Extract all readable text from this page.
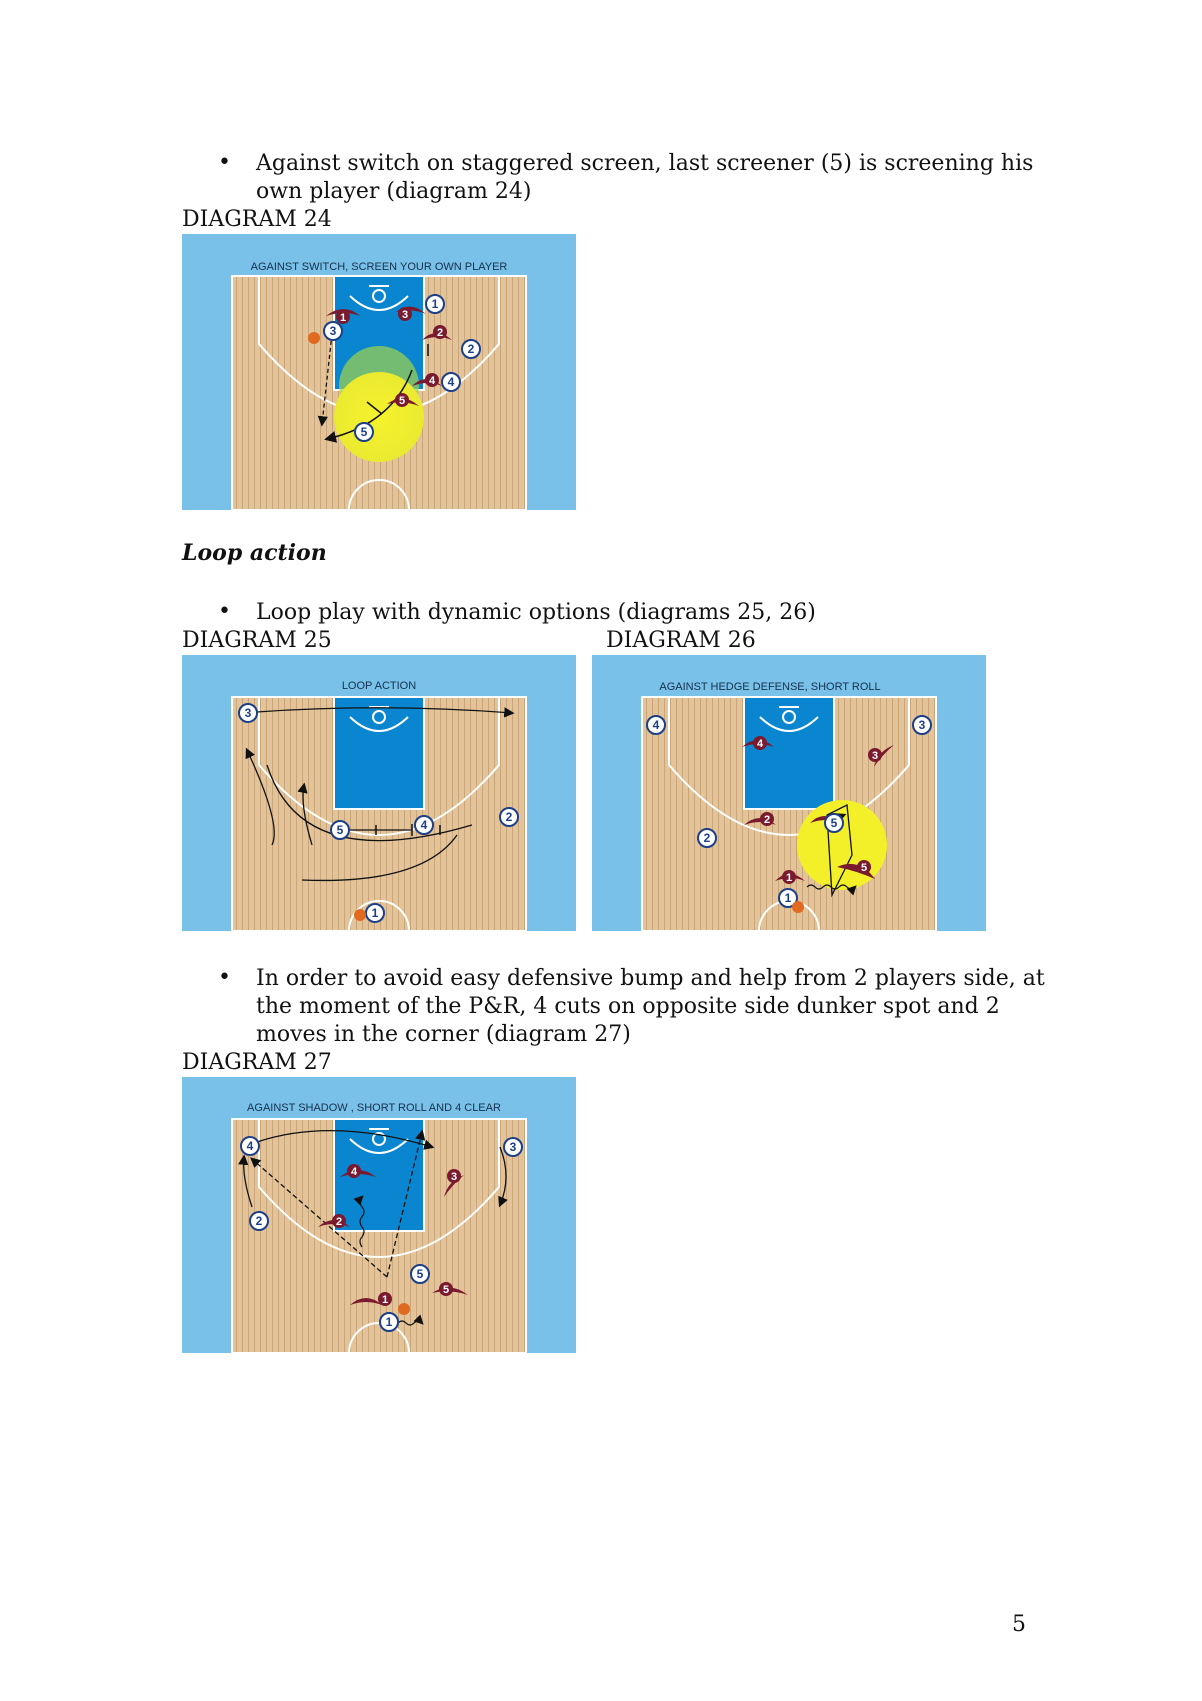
• Against switch on staggered screen, last screener (5) is screening his own player (diagram 24)
DIAGRAM 24
1	3
2
4
5
3
1
2
4
5
AGAINST SWITCH, SCREEN YOUR OWN PLAYER
Loop action
• Loop play with dynamic options (diagrams 25, 26)
DIAGRAM 25	DIAGRAM 26
3
5	4
2
1
LOOP ACTION
4
3
2
5
1
4	3
2
5
1
AGAINST HEDGE DEFENSE, SHORT ROLL
• In order to avoid easy defensive bump and help from 2 players side, at the moment of the P&R, 4 cuts on opposite side dunker spot and 2 moves in the corner (diagram 27)
DIAGRAM 27
4	3
2
5
1
4	3
2
5
1
AGAINST SHADOW , SHORT ROLL AND 4 CLEAR
5
